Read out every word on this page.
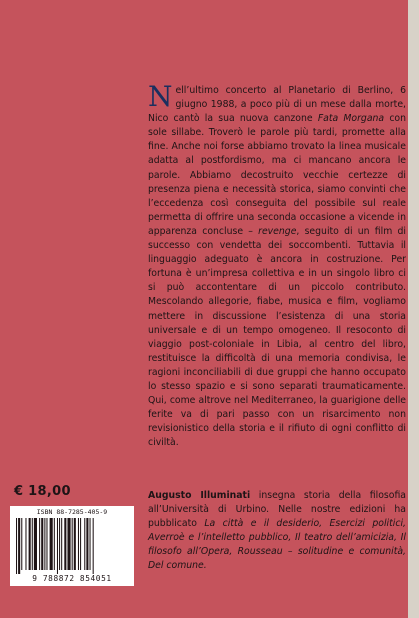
Nell’ultimo concerto al Planetario di Berlino, 6 giugno 1988, a poco più di un mese dalla morte, Nico cantò la sua nuova canzone Fata Morgana con sole sillabe. Troverò le parole più tardi, promette alla fine. Anche noi forse abbiamo trovato la linea musicale adatta al postfordismo, ma ci mancano ancora le parole. Abbiamo decostruito vecchie certezze di presenza piena e necessità storica, siamo convinti che l’eccedenza così conseguita del possibile sul reale permetta di offrire una seconda occasione a vicende in apparenza concluse – revenge, seguito di un film di successo con vendetta dei soccombenti. Tuttavia il linguaggio adeguato è ancora in costruzione. Per fortuna è un’impresa collettiva e in un singolo libro ci si può accontentare di un piccolo contributo. Mescolando allegorie, fiabe, musica e film, vogliamo mettere in discussione l’esistenza di una storia universale e di un tempo omogeneo. Il resoconto di viaggio post-coloniale in Libia, al centro del libro, restituisce la difficoltà di una memoria condivisa, le ragioni inconciliabili di due gruppi che hanno occupato lo stesso spazio e si sono separati traumaticamente. Qui, come altrove nel Mediterraneo, la guarigione delle ferite va di pari passo con un risarcimento non revisionistico della storia e il rifiuto di ogni conflitto di civiltà.

€ 18,00
ISBN 88-7285-405-9
9 788872 854051

Augusto Illuminati insegna storia della filosofia all’Università di Urbino. Nelle nostre edizioni ha pubblicato La città e il desiderio, Esercizi politici, Averroè e l’intelletto pubblico, Il teatro dell’amicizia, Il filosofo all’Opera, Rousseau – solitudine e comunità, Del comune.
